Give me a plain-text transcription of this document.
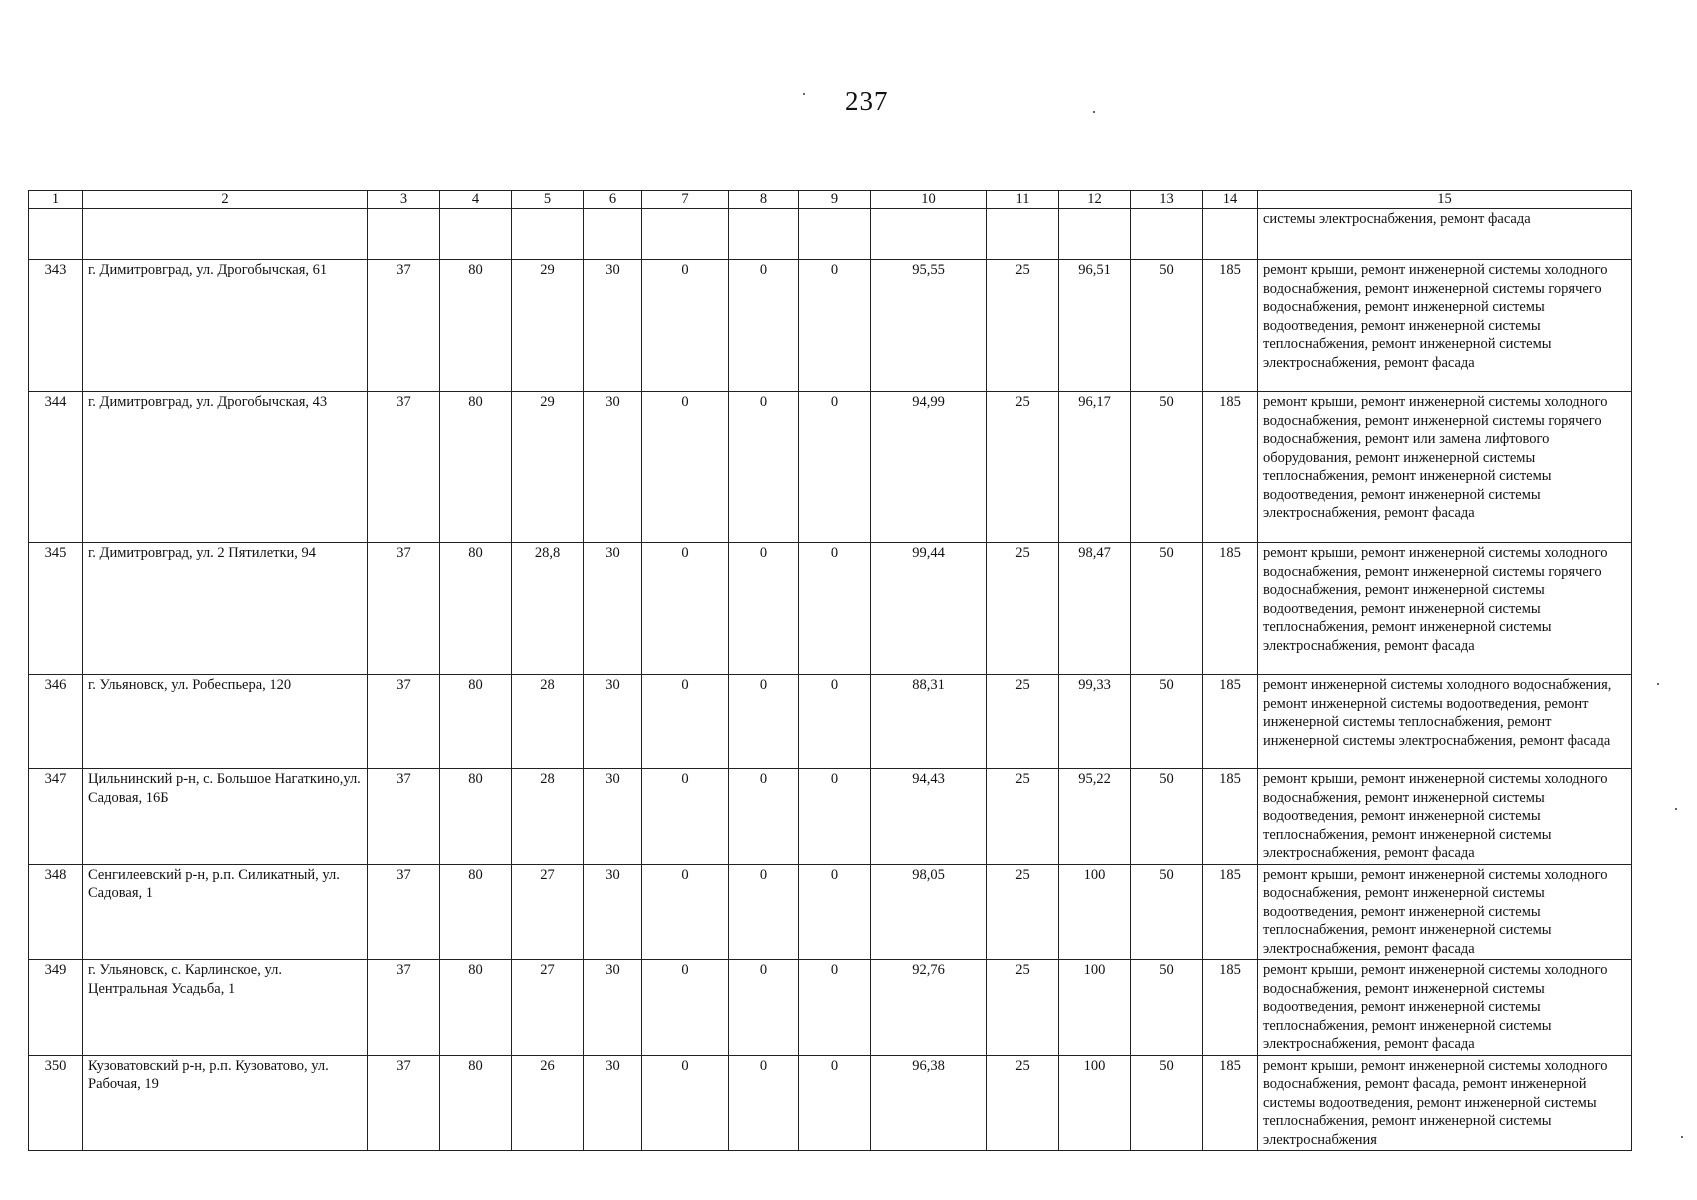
237
1	2	3	4	5	6	7	8	9	10	11	12	13	14	15
														системы электроснабжения, ремонт фасада
343	г. Димитровград, ул. Дрогобычская, 61	37	80	29	30	0	0	0	95,55	25	96,51	50	185	ремонт крыши, ремонт инженерной системы холодного водоснабжения, ремонт инженерной системы горячего водоснабжения, ремонт инженерной системы водоотведения, ремонт инженерной системы теплоснабжения, ремонт инженерной системы электроснабжения, ремонт фасада
344	г. Димитровград, ул. Дрогобычская, 43	37	80	29	30	0	0	0	94,99	25	96,17	50	185	ремонт крыши, ремонт инженерной системы холодного водоснабжения, ремонт инженерной системы горячего водоснабжения, ремонт или замена лифтового оборудования, ремонт инженерной системы теплоснабжения, ремонт инженерной системы водоотведения, ремонт инженерной системы электроснабжения, ремонт фасада
345	г. Димитровград, ул. 2 Пятилетки, 94	37	80	28,8	30	0	0	0	99,44	25	98,47	50	185	ремонт крыши, ремонт инженерной системы холодного водоснабжения, ремонт инженерной системы горячего водоснабжения, ремонт инженерной системы водоотведения, ремонт инженерной системы теплоснабжения, ремонт инженерной системы электроснабжения, ремонт фасада
346	г. Ульяновск, ул. Робеспьера, 120	37	80	28	30	0	0	0	88,31	25	99,33	50	185	ремонт инженерной системы холодного водоснабжения, ремонт инженерной системы водоотведения, ремонт инженерной системы теплоснабжения, ремонт инженерной системы электроснабжения, ремонт фасада
347	Цильнинский р-н, с. Большое Нагаткино,ул. Садовая, 16Б	37	80	28	30	0	0	0	94,43	25	95,22	50	185	ремонт крыши, ремонт инженерной системы холодного водоснабжения, ремонт инженерной системы водоотведения, ремонт инженерной системы теплоснабжения, ремонт инженерной системы электроснабжения, ремонт фасада
348	Сенгилеевский р-н, р.п. Силикатный, ул. Садовая, 1	37	80	27	30	0	0	0	98,05	25	100	50	185	ремонт крыши, ремонт инженерной системы холодного водоснабжения, ремонт инженерной системы водоотведения, ремонт инженерной системы теплоснабжения, ремонт инженерной системы электроснабжения, ремонт фасада
349	г. Ульяновск, с. Карлинское, ул. Центральная Усадьба, 1	37	80	27	30	0	0	0	92,76	25	100	50	185	ремонт крыши, ремонт инженерной системы холодного водоснабжения, ремонт инженерной системы водоотведения, ремонт инженерной системы теплоснабжения, ремонт инженерной системы электроснабжения, ремонт фасада
350	Кузоватовский р-н, р.п. Кузоватово, ул. Рабочая, 19	37	80	26	30	0	0	0	96,38	25	100	50	185	ремонт крыши, ремонт инженерной системы холодного водоснабжения, ремонт фасада, ремонт инженерной системы водоотведения, ремонт инженерной системы теплоснабжения, ремонт инженерной системы электроснабжения
